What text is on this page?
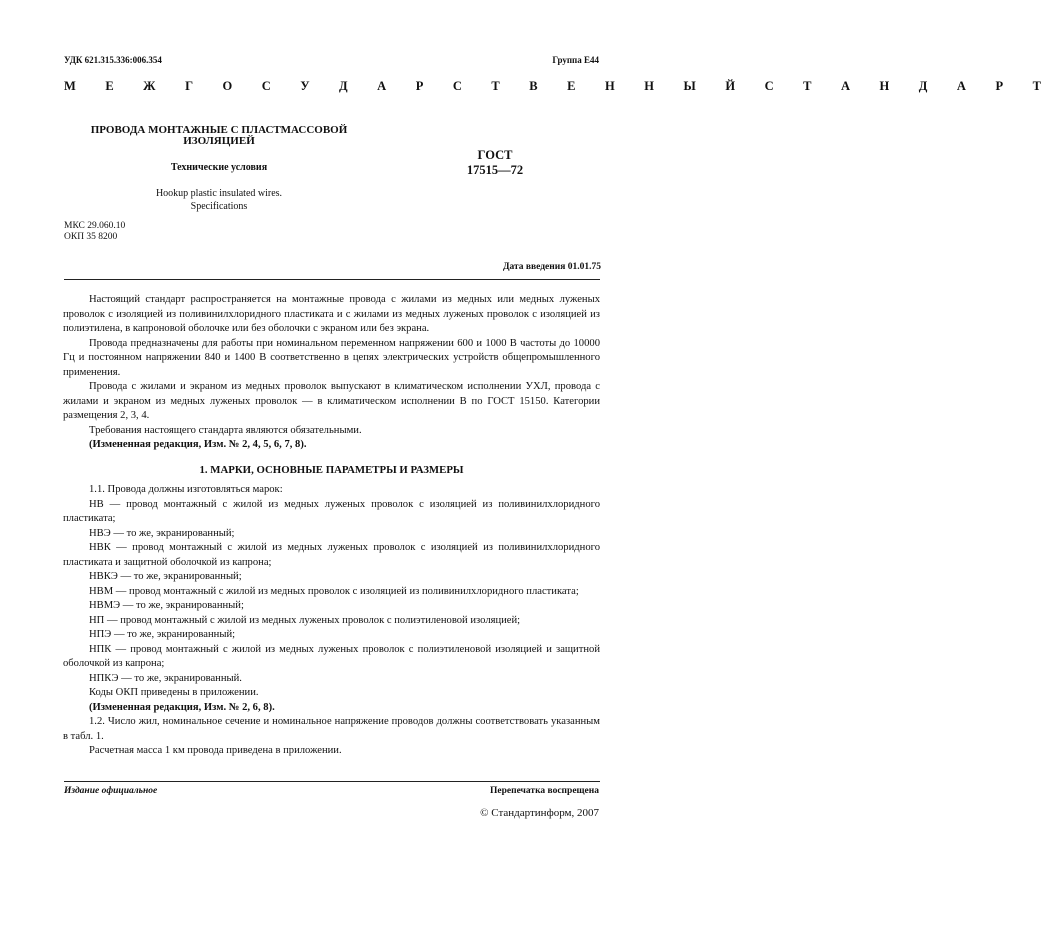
УДК 621.315.336:006.354	Группа Е44
М Е Ж Г О С У Д А Р С Т В Е Н Н Ы Й С Т А Н Д А Р Т
ПРОВОДА МОНТАЖНЫЕ С ПЛАСТМАССОВОЙ
ИЗОЛЯЦИЕЙ
Технические условия
Hookup plastic insulated wires.
Specifications
ГОСТ
17515—72
МКС 29.060.10
ОКП 35 8200
Дата введения 01.01.75

Настоящий стандарт распространяется на монтажные провода с жилами из медных или медных луженых проволок с изоляцией из поливинилхлоридного пластиката и с жилами из медных луженых проволок с изоляцией из полиэтилена, в капроновой оболочке или без оболочки с экраном или без экрана.

Провода предназначены для работы при номинальном переменном напряжении 600 и 1000 В частоты до 10000 Гц и постоянном напряжении 840 и 1400 В соответственно в цепях электрических устройств общепромышленного применения.

Провода с жилами и экраном из медных проволок выпускают в климатическом исполнении УХЛ, провода с жилами и экраном из медных луженых проволок — в климатическом исполнении В по ГОСТ 15150. Категории размещения 2, 3, 4.

Требования настоящего стандарта являются обязательными.

(Измененная редакция, Изм. № 2, 4, 5, 6, 7, 8).

1. МАРКИ, ОСНОВНЫЕ ПАРАМЕТРЫ И РАЗМЕРЫ

1.1. Провода должны изготовляться марок:

НВ — провод монтажный с жилой из медных луженых проволок с изоляцией из поливинилхлоридного пластиката;

НВЭ — то же, экранированный;

НВК — провод монтажный с жилой из медных луженых проволок с изоляцией из поливинилхлоридного пластиката и защитной оболочкой из капрона;

НВКЭ — то же, экранированный;

НВМ — провод монтажный с жилой из медных проволок с изоляцией из поливинилхлоридного пластиката;

НВМЭ — то же, экранированный;

НП — провод монтажный с жилой из медных луженых проволок с полиэтиленовой изоляцией;

НПЭ — то же, экранированный;

НПК — провод монтажный с жилой из медных луженых проволок с полиэтиленовой изоляцией и защитной оболочкой из капрона;

НПКЭ — то же, экранированный.

Коды ОКП приведены в приложении.

(Измененная редакция, Изм. № 2, 6, 8).

1.2. Число жил, номинальное сечение и номинальное напряжение проводов должны соответствовать указанным в табл. 1.

Расчетная масса 1 км провода приведена в приложении.

Издание официальное	Перепечатка воспрещена
© Стандартинформ, 2007
